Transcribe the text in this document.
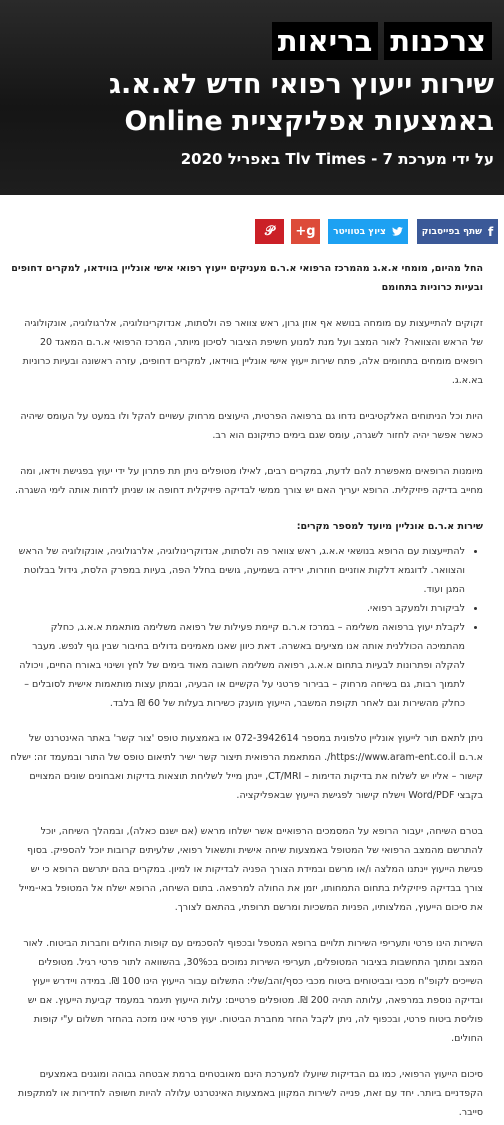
צרכנות
בריאות
שירות ייעוץ רפואי חדש לא.א.ג באמצעות אפליקציית Online
על ידי מערכת Tlv Times - 7 באפריל 2020
f
שתף בפייסבוק
ציוץ בטוויטר
g+
𝒫

החל מהיום, מומחי א.א.ג מהמרכז הרפואי א.ר.ם מעניקים ייעוץ רפואי אישי אונליין בווידאו, למקרים דחופים ובעיות כרוניות בתחומם

זקוקים להתייעצות עם מומחה בנושא אף אוזן גרון, ראש צוואר פה ולסתות, אנדוקרינולוגיה, אלרגולוגיה, אונקולוגיה של הראש והצוואר? לאור המצב ועל מנת למנוע חשיפת הציבור לסיכון מיותר, המרכז הרפואי א.ר.ם המאגד 20 רופאים מומחים בתחומים אלה, פתח שירות ייעוץ אישי אונליין בווידאו, למקרים דחופים, עזרה ראשונה ובעיות כרוניות בא.א.ג.

היות וכל הניתוחים האלקטיביים נדחו גם ברפואה הפרטית, היעוצים מרחוק עשויים להקל ולו במעט על העומס שיהיה כאשר אפשר יהיה לחזור לשגרה, עומס שגם בימים כתיקונם הוא רב.

מיומנות הרופאים מאפשרת להם לדעת, במקרים רבים, לאילו מטופלים ניתן תת פתרון על ידי יעוץ בפגישת וידאו, ומה מחייב בדיקה פיזיקלית. הרופא יעריך האם יש צורך ממשי לבדיקה פיזיקלית דחופה או שניתן לדחות אותה לימי השגרה.

שירות א.ר.ם אונליין מיועד למספר מקרים:

• להתייעצות עם הרופא בנושאי א.א.ג, ראש צוואר פה ולסתות, אנדוקרינולוגיה, אלרגולוגיה, אונקולוגיה של הראש והצוואר. לדוגמא דלקות אוזניים חוזרות, ירידה בשמיעה, גושים בחלל הפה, בעיות במפרק הלסת, גידול בבלוטת המגן ועוד.
• לביקורת ולמעקב רפואי.
• לקבלת יעוץ ברפואה משלימה – במרכז א.ר.ם קיימת פעילות של רפואה משלימה מותאמת א.א.ג, כחלק מהתמיכה הכוללנית אותה אנו מציעים באשרה. דאת כיוון שאנו מאמינים גדולים בחיבור שבין גוף לנפש. מעבר להקלה ופתרונות לבעיות בתחום א.א.ג, רפואה משלימה חשובה מאוד בימים של לחץ ושינוי באורח החיים, ויכולה לתמוך רבות, גם בשיחה מרחוק – בבירור פרטני על הקשיים או הבעיה, ובמתן עצות מותאמות אישית לסובלים – כחלק מהשירות וגם לאחר תקופת המשבר, הייעוץ מוענק כשירות בעלות של 60 ₪ בלבד.

ניתן לתאם תור לייעוץ אונליין טלפונית במספר 072-3942614 או באמצעות טופס 'צור קשר' באתר האינטרנט של א.ר.ם https://www.aram-ent.co.il/. המתאמת הרפואית תיצור קשר ישיר לתיאום טופס של התור ובמעמד זה: ישלח קישור – אליו יש לשלוח את בדיקות הדימות – CT/MRI, יינתן מייל לשליחת תוצאות בדיקות ואבחונים שונים המצויים בקבצי Word/PDF וישלח קישור לפגישת הייעוץ שבאפליקציה.

בטרם השיחה, יעבור הרופא על המסמכים הרפואיים אשר ישלחו מראש (אם ישנם כאלה), ובמהלך השיחה, יוכל להתרשם מהמצב הרפואי של המטופל באמצעות שיחה אישית ותשאול רפואי, שלעיתים קרובות יוכל להספיק. בסוף פגישת הייעוץ יינתנו המלצה ו/או מרשם ובמידת הצורך הפניה לבדיקות או למיון. במקרים בהם יתרשם הרופא כי יש צורך בבדיקה פיזיקלית בתחום התמחותו, יזמן את החולה למרפאה. בתום השיחה, הרופא ישלח אל המטופל באי-מייל את סיכום הייעוץ, המלצותיו, הפניות המשכיות ומרשם תרופתי, בהתאם לצורך.

השירות הינו פרטי ותעריפי השירות תלויים ברופא המטפל ובכפוף להסכמים עם קופות החולים וחברות הביטוח. לאור המצב ומתוך התחשבות בציבור המטופלים, תעריפי השירות נמוכים בכ30%, בהשוואה לתור פרטי רגיל. מטופלים השייכים לקופ"ח מכבי ובביטוחים ביטוח מכבי כסף/זהב/שלי: התשלום עבור הייעוץ הינו 100 ₪. במידה ויידרש ייעוץ ובדיקה נוספת במרפאה, עלותה תהיה 200 ₪. מטופלים פרטיים: עלות הייעוץ תיגמר במעמד קביעת הייעוץ. אם יש פוליסת ביטוח פרטי, ובכפוף לה, ניתן לקבל החזר מחברת הביטוח. יעוץ פרטי אינו מזכה בהחזר תשלום ע"י קופות החולים.

סיכום הייעוץ הרפואי, כמו גם הבדיקות שיועלו למערכת הינם מאובטחים ברמת אבטחה גבוהה ומוגנים באמצעים הקפדניים ביותר. יחד עם זאת, פנייה לשירות המקוון באמצעות האינטרנט עלולה להיות חשופה לחדירות או למתקפות סייבר.
